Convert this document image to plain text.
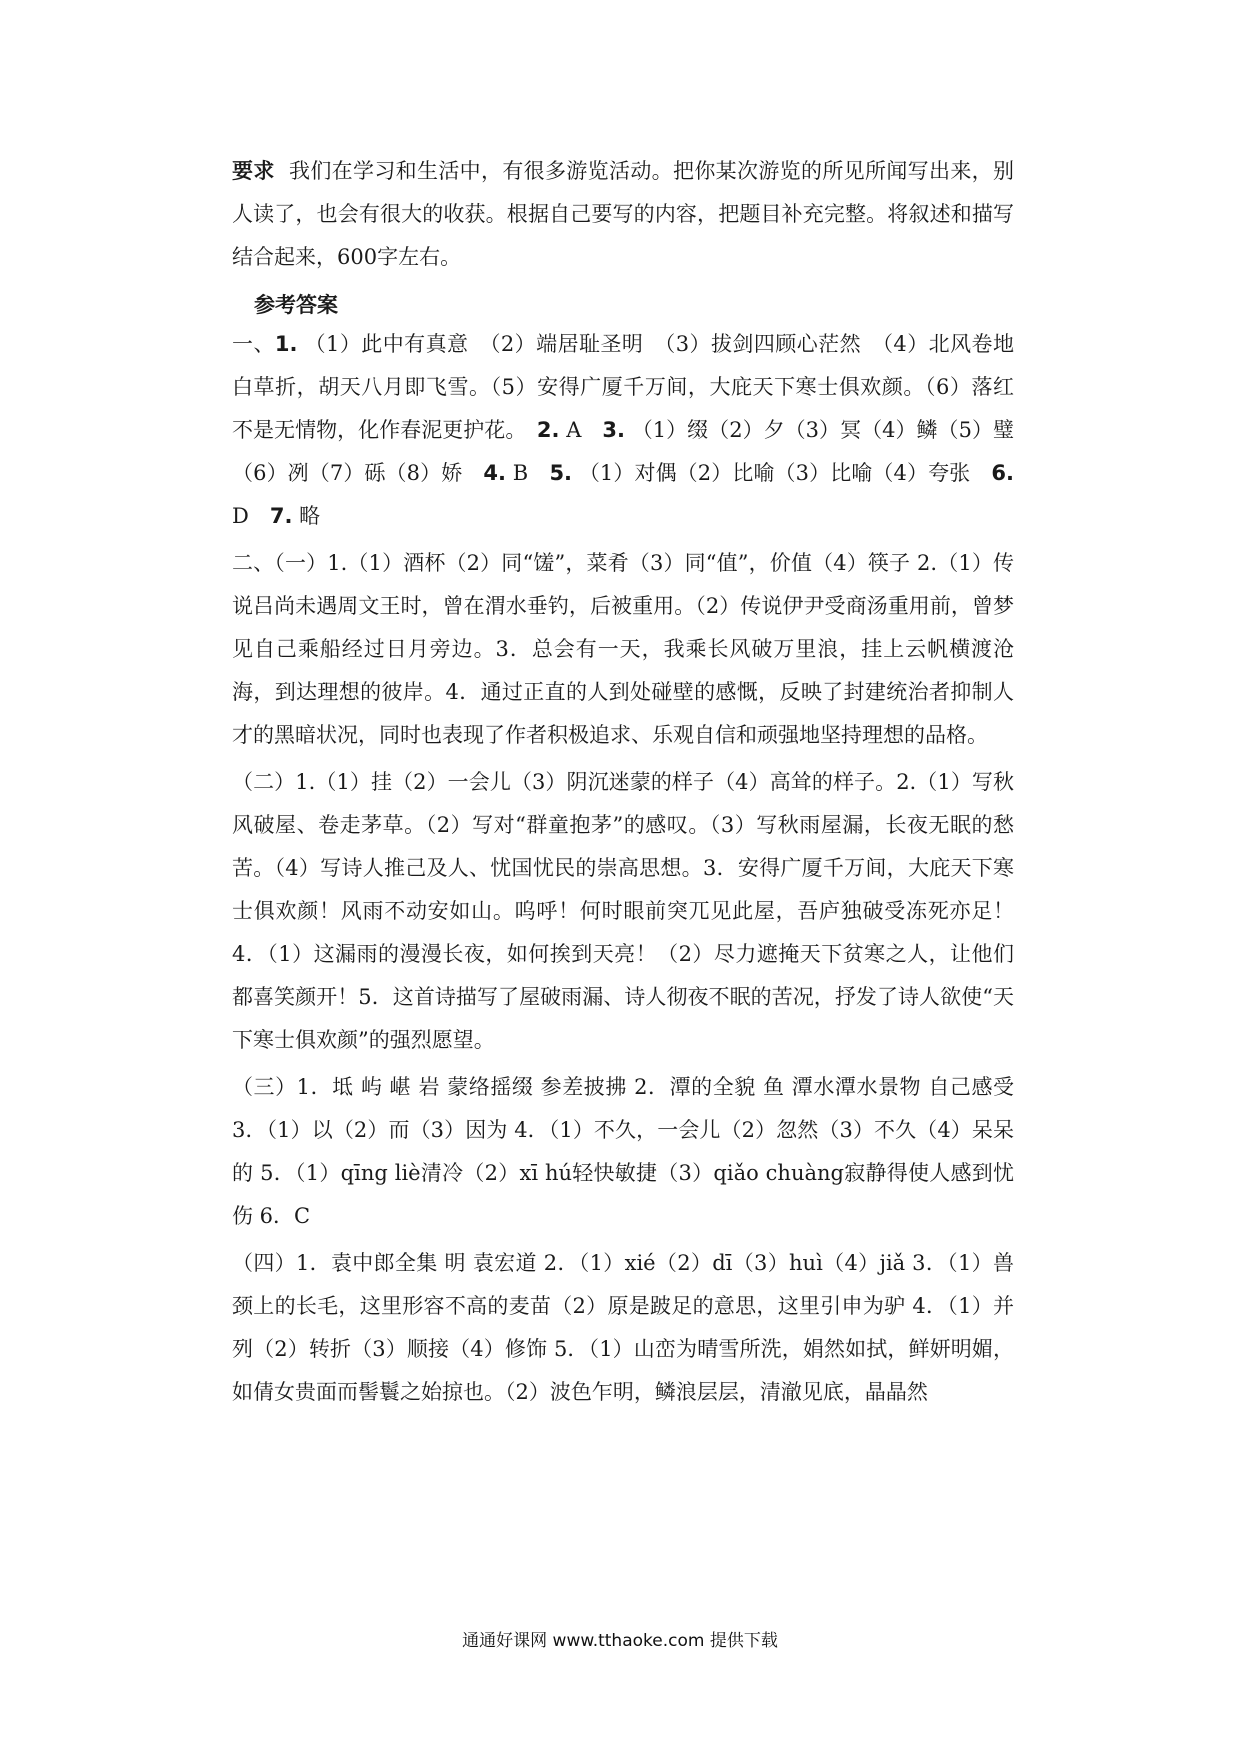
要求 我们在学习和生活中，有很多游览活动。把你某次游览的所见所闻写出来，别人读了，也会有很大的收获。根据自己要写的内容，把题目补充完整。将叙述和描写结合起来，600字左右。

参考答案

一、1. （1）此中有真意　（2）端居耻圣明　（3）拔剑四顾心茫然　（4）北风卷地白草折，胡天八月即飞雪。（5）安得广厦千万间，大庇天下寒士俱欢颜。（6）落红不是无情物，化作春泥更护花。　 2. A　 3. （1）缀（2）夕（3）冥（4）鳞（5）璧（6）冽（7）砾（8）娇　 4. B　 5. （1）对偶（2）比喻（3）比喻（4）夸张　 6. D　 7. 略

二、（一）1.（1）酒杯（2）同“馐”，菜肴（3）同“值”，价值（4）筷子 2.（1）传说吕尚未遇周文王时，曾在渭水垂钓，后被重用。（2）传说伊尹受商汤重用前，曾梦见自己乘船经过日月旁边。3．总会有一天，我乘长风破万里浪，挂上云帆横渡沧海，到达理想的彼岸。4．通过正直的人到处碰壁的感慨，反映了封建统治者抑制人才的黑暗状况，同时也表现了作者积极追求、乐观自信和顽强地坚持理想的品格。

（二）1.（1）挂（2）一会儿（3）阴沉迷蒙的样子（4）高耸的样子。2.（1）写秋风破屋、卷走茅草。（2）写对“群童抱茅”的感叹。（3）写秋雨屋漏，长夜无眠的愁苦。（4）写诗人推己及人、忧国忧民的崇高思想。3．安得广厦千万间，大庇天下寒士俱欢颜！风雨不动安如山。呜呼！何时眼前突兀见此屋，吾庐独破受冻死亦足！4．（1）这漏雨的漫漫长夜，如何挨到天亮！（2）尽力遮掩天下贫寒之人，让他们都喜笑颜开！5．这首诗描写了屋破雨漏、诗人彻夜不眠的苦况，抒发了诗人欲使“天下寒士俱欢颜”的强烈愿望。

（三）1．坻 屿 嵁 岩 蒙络摇缀 参差披拂 2．潭的全貌 鱼 潭水潭水景物 自己感受 3．（1）以（2）而（3）因为 4．（1）不久，一会儿（2）忽然（3）不久（4）呆呆的 5．（1）qīng liè清冷（2）xī hú轻快敏捷（3）qiǎo chuàng寂静得使人感到忧伤 6．C

（四）1．袁中郎全集 明 袁宏道 2．（1）xié（2）dī（3）huì（4）jiǎ 3．（1）兽颈上的长毛，这里形容不高的麦苗（2）原是跛足的意思，这里引申为驴 4．（1）并列（2）转折（3）顺接（4）修饰 5．（1）山峦为晴雪所洗，娟然如拭，鲜妍明媚，如倩女贵面而髻鬟之始掠也。（2）波色乍明，鳞浪层层，清澈见底，晶晶然

通通好课网 www.tthaoke.com 提供下载
